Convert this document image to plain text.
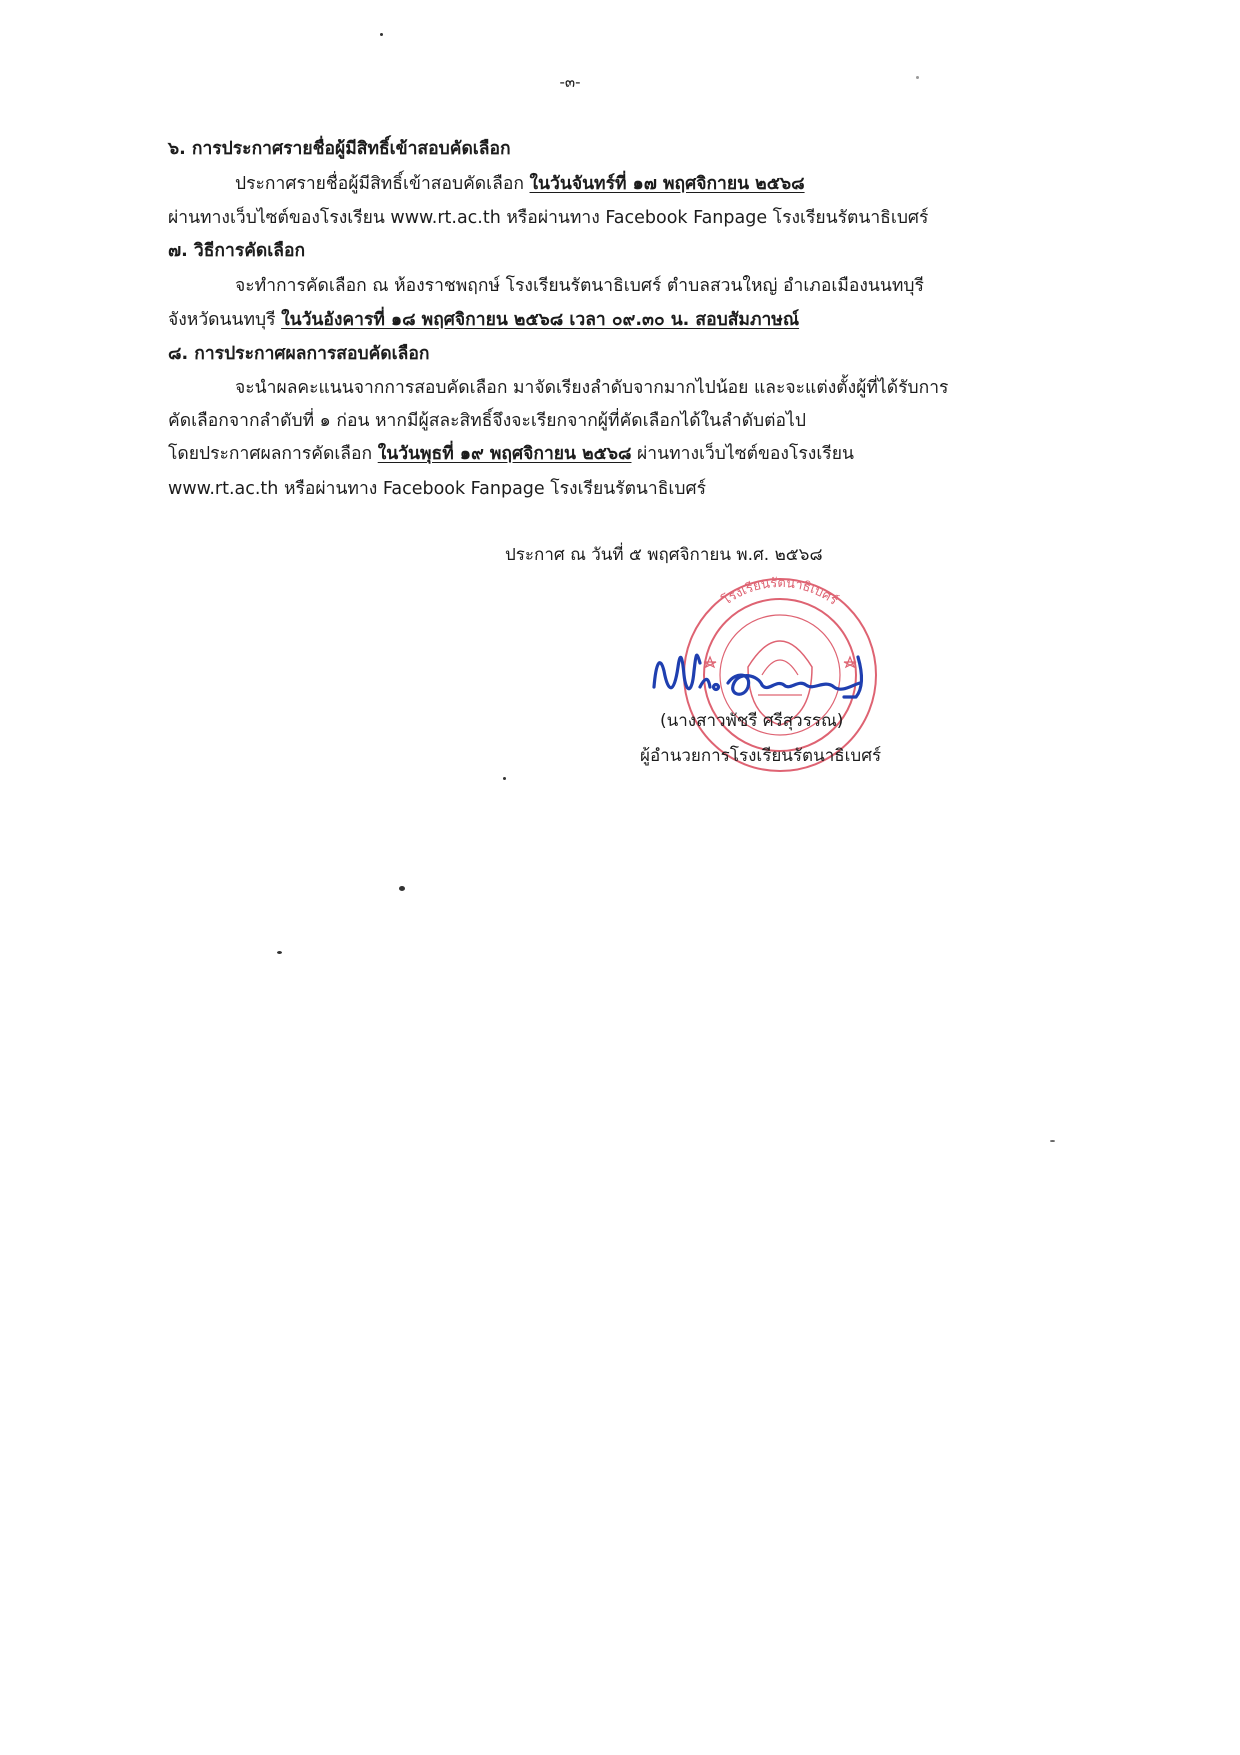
-๓-
๖. การประกาศรายชื่อผู้มีสิทธิ์เข้าสอบคัดเลือก
ประกาศรายชื่อผู้มีสิทธิ์เข้าสอบคัดเลือก ในวันจันทร์ที่ ๑๗ พฤศจิกายน ๒๕๖๘
ผ่านทางเว็บไซต์ของโรงเรียน www.rt.ac.th หรือผ่านทาง Facebook Fanpage โรงเรียนรัตนาธิเบศร์
๗. วิธีการคัดเลือก
จะทำการคัดเลือก ณ ห้องราชพฤกษ์ โรงเรียนรัตนาธิเบศร์ ตำบลสวนใหญ่ อำเภอเมืองนนทบุรี
จังหวัดนนทบุรี ในวันอังคารที่ ๑๘ พฤศจิกายน ๒๕๖๘ เวลา ๐๙.๓๐ น. สอบสัมภาษณ์
๘. การประกาศผลการสอบคัดเลือก
จะนำผลคะแนนจากการสอบคัดเลือก มาจัดเรียงลำดับจากมากไปน้อย และจะแต่งตั้งผู้ที่ได้รับการ
คัดเลือกจากลำดับที่ ๑ ก่อน หากมีผู้สละสิทธิ์จึงจะเรียกจากผู้ที่คัดเลือกได้ในลำดับต่อไป
โดยประกาศผลการคัดเลือก ในวันพุธที่ ๑๙ พฤศจิกายน ๒๕๖๘ ผ่านทางเว็บไซต์ของโรงเรียน
www.rt.ac.th หรือผ่านทาง Facebook Fanpage โรงเรียนรัตนาธิเบศร์
ประกาศ ณ วันที่ ๕ พฤศจิกายน พ.ศ. ๒๕๖๘
โรงเรียนรัตนาธิเบศร์
(นางสาวพัชรี ศรีสุวรรณ)
ผู้อำนวยการโรงเรียนรัตนาธิเบศร์
